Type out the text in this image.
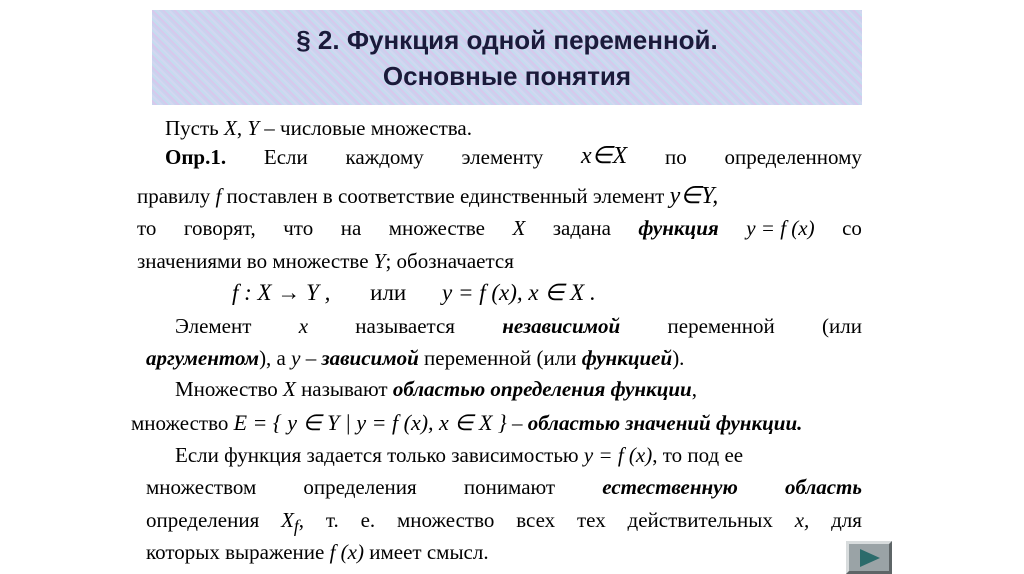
§ 2. Функция одной переменной.
Основные понятия
Пусть X, Y – числовые множества.
Опр.1. Если каждому элементу x∈X по определенному
правилу f поставлен в соответствие единственный элемент y∈Y,
то говорят, что на множестве X задана функция y = f (x) со
значениями во множестве Y; обозначается
f : X → Y , или y = f (x), x ∈ X .
Элемент x называется независимой переменной (или
аргументом), а y – зависимой переменной (или функцией).
Множество X называют областью определения функции,
множество E = { y ∈ Y | y = f (x), x ∈ X } – областью значений функции.
Если функция задается только зависимостью y = f (x), то под ее
множеством определения понимают естественную область
определения $X_f$, т. е. множество всех тех действительных x, для
которых выражение f (x) имеет смысл.
